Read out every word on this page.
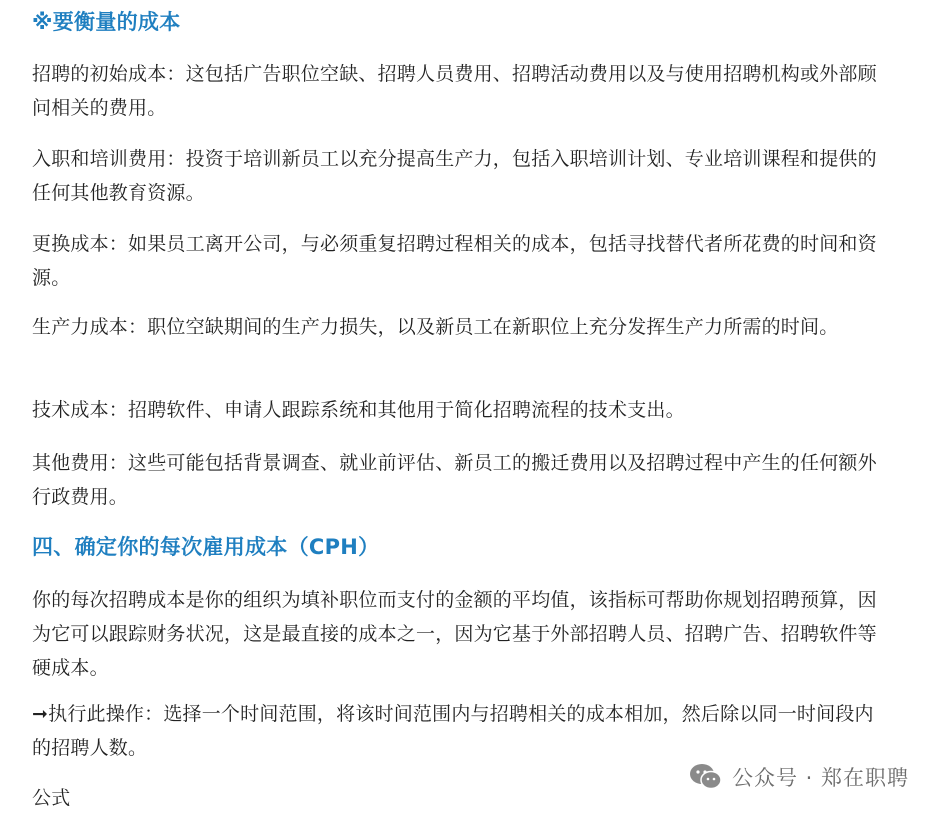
※要衡量的成本

招聘的初始成本：这包括广告职位空缺、招聘人员费用、招聘活动费用以及与使用招聘机构或外部顾问相关的费用。

入职和培训费用：投资于培训新员工以充分提高生产力，包括入职培训计划、专业培训课程和提供的任何其他教育资源。

更换成本：如果员工离开公司，与必须重复招聘过程相关的成本，包括寻找替代者所花费的时间和资源。

生产力成本：职位空缺期间的生产力损失，以及新员工在新职位上充分发挥生产力所需的时间。

技术成本：招聘软件、申请人跟踪系统和其他用于简化招聘流程的技术支出。

其他费用：这些可能包括背景调查、就业前评估、新员工的搬迁费用以及招聘过程中产生的任何额外行政费用。

四、确定你的每次雇用成本（CPH）

你的每次招聘成本是你的组织为填补职位而支付的金额的平均值，该指标可帮助你规划招聘预算，因为它可以跟踪财务状况，这是最直接的成本之一，因为它基于外部招聘人员、招聘广告、招聘软件等硬成本。

➞执行此操作：选择一个时间范围，将该时间范围内与招聘相关的成本相加，然后除以同一时间段内的招聘人数。

公式

公众号 · 郑在职聘
